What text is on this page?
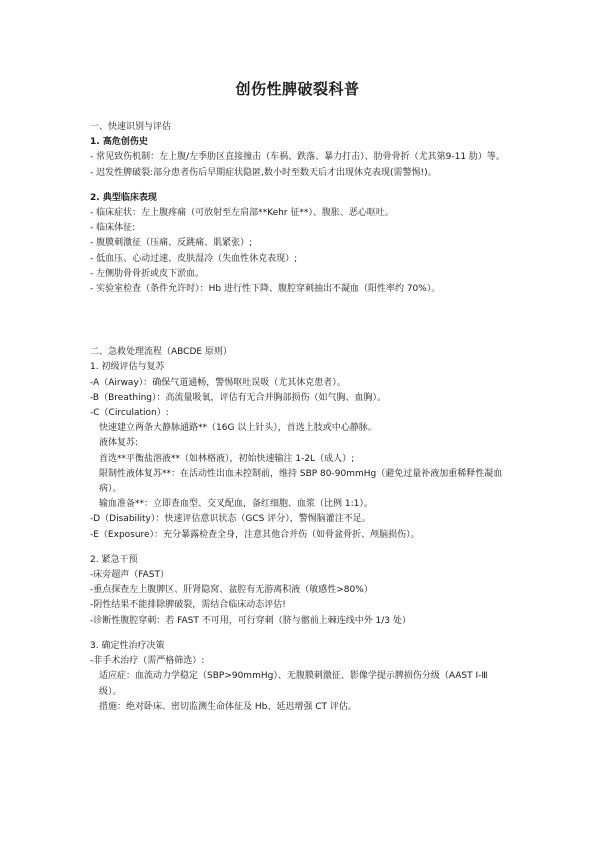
创伤性脾破裂科普
一、快速识别与评估
1. 高危创伤史
- 常见致伤机制：左上腹/左季肋区直接撞击（车祸、跌落、暴力打击）、肋骨骨折（尤其第9-11 肋）等。
- 迟发性脾破裂:部分患者伤后早期症状隐匿,数小时至数天后才出现休克表现(需警惕!)。
2. 典型临床表现
- 临床症状：左上腹疼痛（可放射至左肩部**Kehr 征**）、腹胀、恶心呕吐。
- 临床体征:
- 腹膜刺激征（压痛、反跳痛、肌紧张）;
- 低血压、心动过速、皮肤湿冷（失血性休克表现）;
- 左侧肋骨骨折或皮下淤血。
- 实验室检查（条件允许时）：Hb 进行性下降、腹腔穿刺抽出不凝血（阳性率约 70%）。
二、急救处理流程（ABCDE 原则）
1. 初级评估与复苏
-A（Airway）：确保气道通畅，警惕呕吐误吸（尤其休克患者）。
-B（Breathing）：高流量吸氧，评估有无合并胸部损伤（如气胸、血胸）。
-C（Circulation）:
快速建立两条大静脉通路**（16G 以上针头），首选上肢或中心静脉。
液体复苏:
首选**平衡盐溶液**（如林格液），初始快速输注 1-2L（成人）;
限制性液体复苏**：在活动性出血未控制前，维持 SBP 80-90mmHg（避免过量补液加重稀释性凝血病）。
输血准备**：立即查血型、交叉配血，备红细胞、血浆（比例 1:1）。
-D（Disability）：快速评估意识状态（GCS 评分），警惕脑灌注不足。
-E（Exposure）：充分暴露检查全身，注意其他合并伤（如骨盆骨折、颅脑损伤）。
2. 紧急干预
-床旁超声（FAST）
-重点探查左上腹脾区、肝肾隐窝、盆腔有无游离积液（敏感性>80%）
-阴性结果不能排除脾破裂，需结合临床动态评估!
-诊断性腹腔穿刺：若 FAST 不可用，可行穿刺（脐与髂前上棘连线中外 1/3 处）
3. 确定性治疗决策
-非手术治疗（需严格筛选）:
适应症：血流动力学稳定（SBP>90mmHg）、无腹膜刺激征、影像学提示脾损伤分级（AAST I-Ⅲ级）。
措施：绝对卧床、密切监测生命体征及 Hb、延迟增强 CT 评估。
